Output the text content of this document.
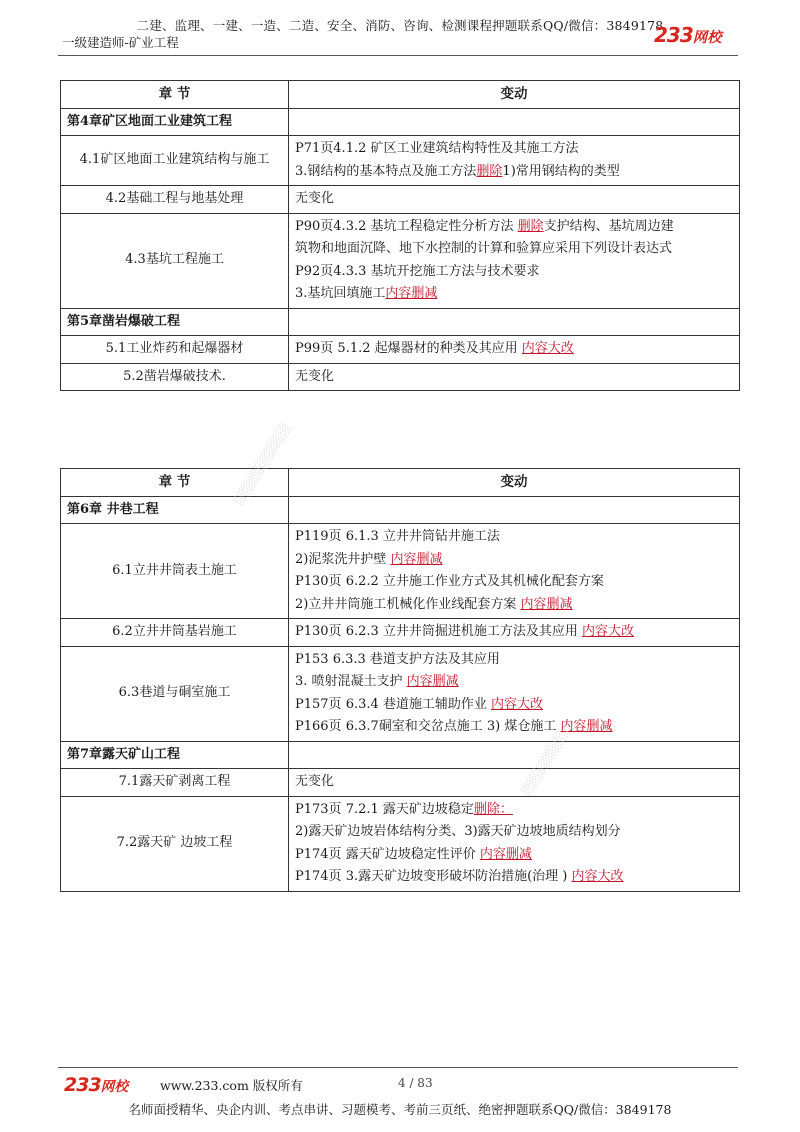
二建、监理、一建、一造、二造、安全、消防、咨询、检测课程押题联系QQ/微信：3849178
一级建造师-矿业工程	233网校
章 节	变动
第4章矿区地面工业建筑工程	
4.1矿区地面工业建筑结构与施工	P71页4.1.2 矿区工业建筑结构特性及其施工方法
3.钢结构的基本特点及施工方法删除1)常用钢结构的类型

4.2基础工程与地基处理	无变化

4.3基坑工程施工	P90页4.3.2 基坑工程稳定性分析方法 删除支护结构、基坑周边建
筑物和地面沉降、地下水控制的计算和验算应采用下列设计表达式
P92页4.3.3 基坑开挖施工方法与技术要求
3.基坑回填施工内容删减

第5章凿岩爆破工程	
5.1工业炸药和起爆器材	P99页 5.1.2 起爆器材的种类及其应用 内容大改

5.2凿岩爆破技术.	无变化
章 节	变动
第6章 井巷工程	
6.1立井井筒表土施工	P119页 6.1.3 立井井筒钻井施工法
2)泥浆洗井护壁 内容删减
P130页 6.2.2 立井施工作业方式及其机械化配套方案
2)立井井筒施工机械化作业线配套方案 内容删减

6.2立井井筒基岩施工	P130页 6.2.3 立井井筒掘进机施工方法及其应用 内容大改

6.3巷道与硐室施工	P153 6.3.3 巷道支护方法及其应用
3. 喷射混凝土支护 内容删减
P157页 6.3.4 巷道施工辅助作业 内容大改
P166页 6.3.7硐室和交岔点施工 3) 煤仓施工 内容删减

第7章露天矿山工程	
7.1露天矿剥离工程	无变化

7.2露天矿 边坡工程	P173页 7.2.1 露天矿边坡稳定删除：
2)露天矿边坡岩体结构分类、3)露天矿边坡地质结构划分
P174页 露天矿边坡稳定性评价 内容删减
P174页 3.露天矿边坡变形破坏防治措施(治理 ) 内容大改
░░░░░░░░░░░
░░░░░░░░░
233网校	www.233.com 版权所有	4 / 83
名师面授精华、央企内训、考点串讲、习题模考、考前三页纸、绝密押题联系QQ/微信：3849178
